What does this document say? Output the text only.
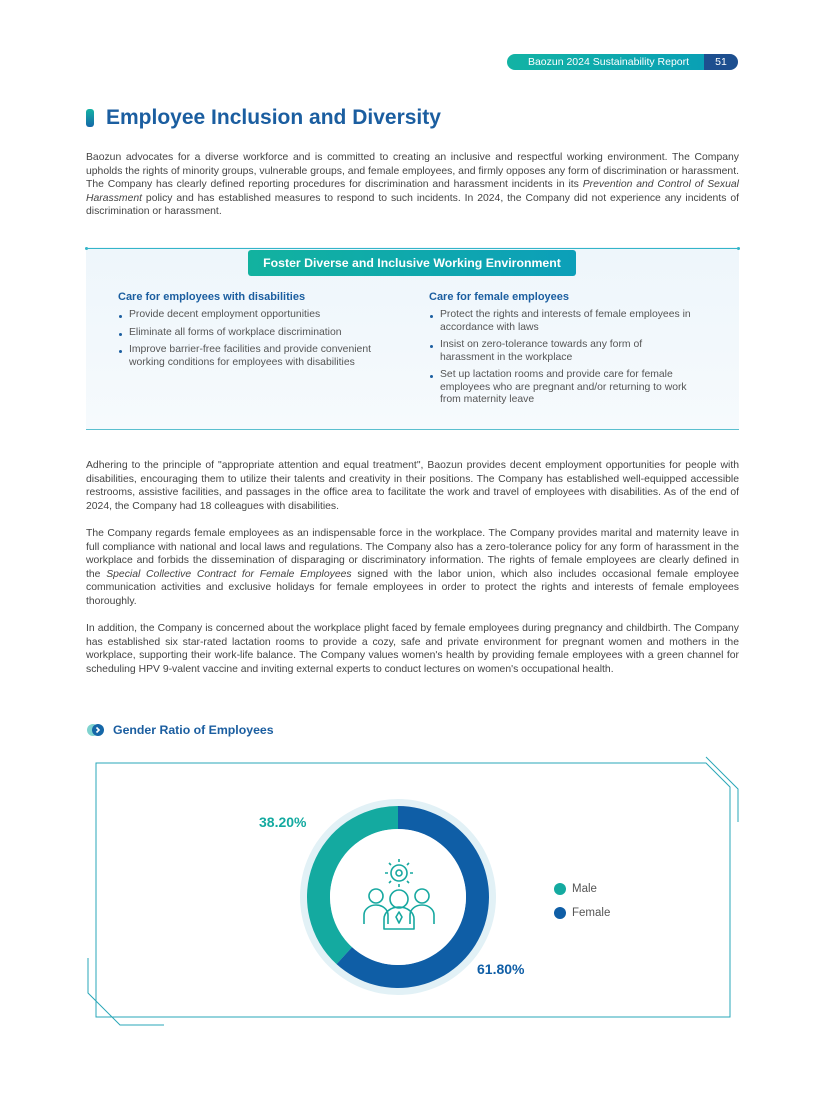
Baozun 2024 Sustainability Report	51
Employee Inclusion and Diversity
Baozun advocates for a diverse workforce and is committed to creating an inclusive and respectful working environment. The Company upholds the rights of minority groups, vulnerable groups, and female employees, and firmly opposes any form of discrimination or harassment. The Company has clearly defined reporting procedures for discrimination and harassment incidents in its Prevention and Control of Sexual Harassment policy and has established measures to respond to such incidents. In 2024, the Company did not experience any incidents of discrimination or harassment.
Foster Diverse and Inclusive Working Environment
Care for employees with disabilities
Provide decent employment opportunities
Eliminate all forms of workplace discrimination
Improve barrier-free facilities and provide convenient working conditions for employees with disabilities
Care for female employees
Protect the rights and interests of female employees in accordance with laws
Insist on zero-tolerance towards any form of harassment in the workplace
Set up lactation rooms and provide care for female employees who are pregnant and/or returning to work from maternity leave
Adhering to the principle of "appropriate attention and equal treatment", Baozun provides decent employment opportunities for people with disabilities, encouraging them to utilize their talents and creativity in their positions. The Company has established well-equipped accessible restrooms, assistive facilities, and passages in the office area to facilitate the work and travel of employees with disabilities. As of the end of 2024, the Company had 18 colleagues with disabilities.
The Company regards female employees as an indispensable force in the workplace. The Company provides marital and maternity leave in full compliance with national and local laws and regulations. The Company also has a zero-tolerance policy for any form of harassment in the workplace and forbids the dissemination of disparaging or discriminatory information. The rights of female employees are clearly defined in the Special Collective Contract for Female Employees signed with the labor union, which also includes occasional female employee communication activities and exclusive holidays for female employees in order to protect the rights and interests of female employees thoroughly.
In addition, the Company is concerned about the workplace plight faced by female employees during pregnancy and childbirth. The Company has established six star-rated lactation rooms to provide a cozy, safe and private environment for pregnant women and mothers in the workplace, supporting their work-life balance. The Company values women's health by providing female employees with a green channel for scheduling HPV 9-valent vaccine and inviting external experts to conduct lectures on women's occupational health.
Gender Ratio of Employees
38.20%
61.80%
Male
Female
